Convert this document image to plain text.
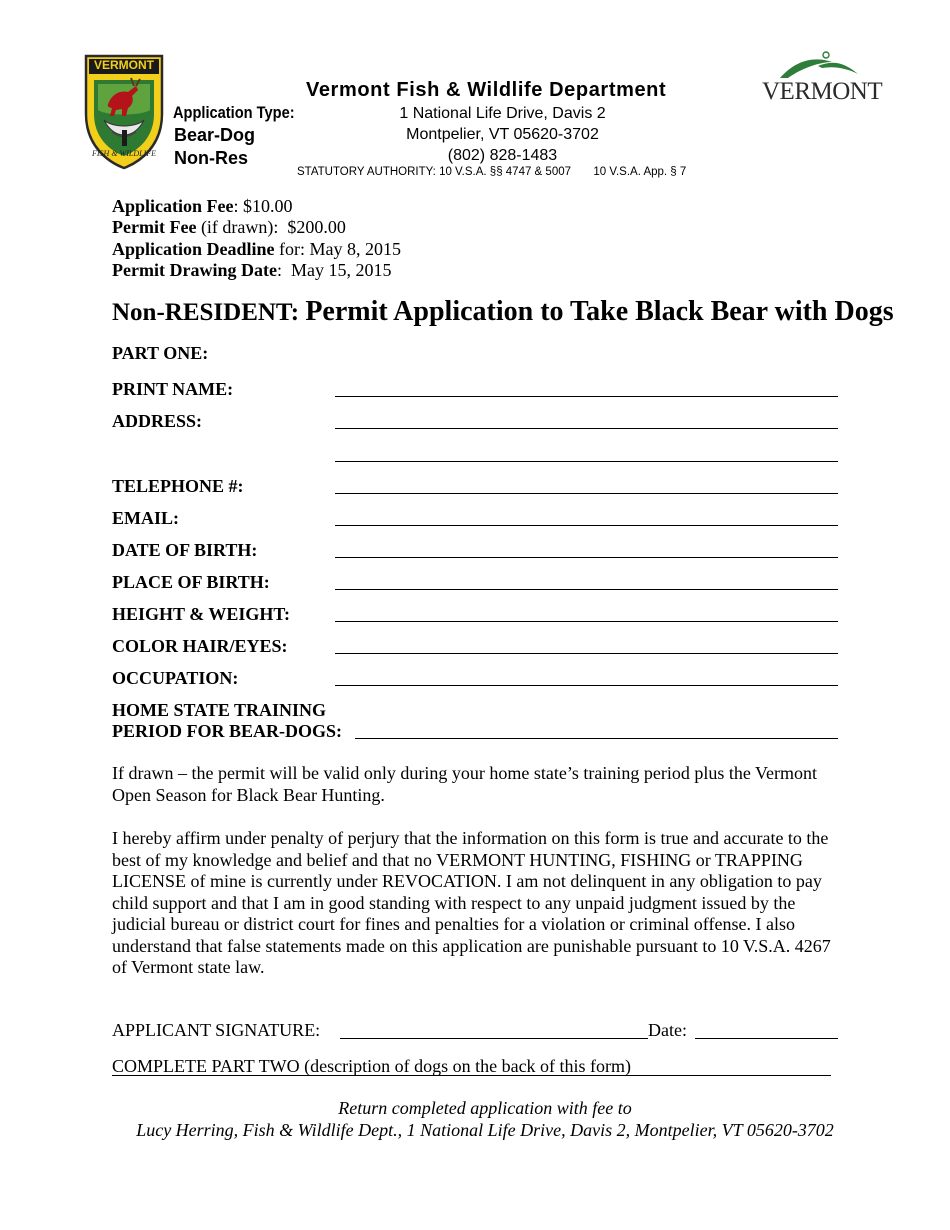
FISH & WILDLIFE
VERMONT
VERMONT
Vermont Fish & Wildlife Department
1 National Life Drive, Davis 2
Montpelier, VT 05620-3702
(802) 828-1483
STATUTORY AUTHORITY: 10 V.S.A. §§ 4747 & 5007       10 V.S.A. App. § 7
Application Type:
Bear-Dog
Non-Res
Application Fee: $10.00
Permit Fee (if drawn):  $200.00
Application Deadline for: May 8, 2015
Permit Drawing Date:  May 15, 2015
Non-RESIDENT: Permit Application to Take Black Bear with Dogs
PART ONE:
PRINT NAME:
ADDRESS:
TELEPHONE #:
EMAIL:
DATE OF BIRTH:
PLACE OF BIRTH:
HEIGHT & WEIGHT:
COLOR HAIR/EYES:
OCCUPATION:
HOME STATE TRAINING
PERIOD FOR BEAR-DOGS:
If drawn – the permit will be valid only during your home state’s training period plus the Vermont Open Season for Black Bear Hunting.
I hereby affirm under penalty of perjury that the information on this form is true and accurate to the best of my knowledge and belief and that no VERMONT HUNTING, FISHING or TRAPPING LICENSE of mine is currently under REVOCATION. I am not delinquent in any obligation to pay child support and that I am in good standing with respect to any unpaid judgment issued by the judicial bureau or district court for fines and penalties for a violation or criminal offense. I also understand that false statements made on this application are punishable pursuant to 10 V.S.A. 4267 of Vermont state law.
APPLICANT SIGNATURE:	Date:
COMPLETE PART TWO (description of dogs on the back of this form)
Return completed application with fee to
Lucy Herring, Fish & Wildlife Dept., 1 National Life Drive, Davis 2, Montpelier, VT 05620-3702
